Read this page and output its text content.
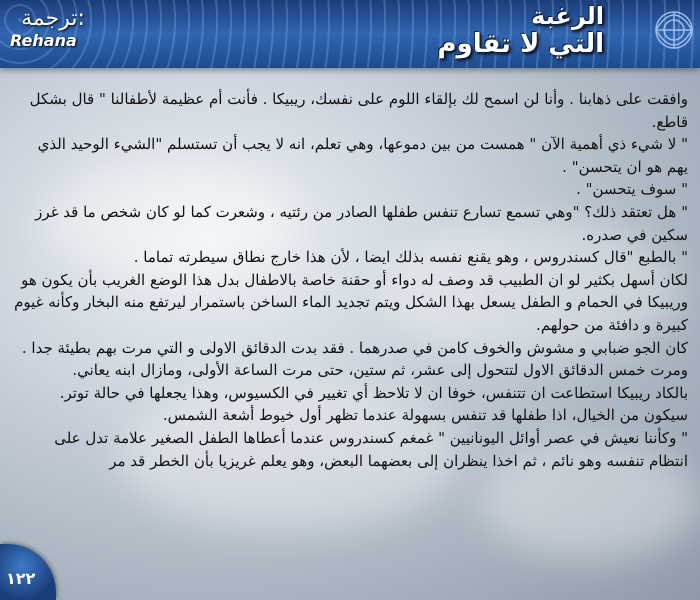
الرغبة
التي لا تقاوم
ترجمة:
Rehana

وافقت على ذهابنا . وأنا لن اسمح لك بإلقاء اللوم على نفسك، ريبيكا . فأنت أم عظيمة لأطفالنا " قال بشكل قاطع.

" لا شيء ذي أهمية الآن " همست من بين دموعها، وهي تعلم، انه لا يجب أن تستسلم "الشيء الوحيد الذي يهم هو ان يتحسن" .

" سوف يتحسن" .

" هل تعتقد ذلك؟ "وهي تسمع تسارع تنفس طفلها الصادر من رئتيه ، وشعرت كما لو كان شخص ما قد غرز سكين في صدره.

" بالطبع "قال كسندروس ، وهو يقنع نفسه بذلك ايضا ، لأن هذا خارج نطاق سيطرته تماما .

لكان أسهل بكثير لو ان الطبيب قد وصف له دواء أو حقنة خاصة بالاطفال بدل هذا الوضع الغريب بأن يكون هو وريبيكا في الحمام و الطفل يسعل بهذا الشكل ويتم تجديد الماء الساخن باستمرار ليرتفع منه البخار وكأنه غيوم كبيرة و دافئة من حولهم.

كان الجو ضبابي و مشوش والخوف كامن في صدرهما . فقد بدت الدقائق الاولى و التي مرت بهم بطيئة جدا .

ومرت خمس الدقائق الاول لتتحول إلى عشر، ثم ستين، حتى مرت الساعة الأولى، ومازال ابنه يعاني.

بالكاد ريبيكا استطاعت ان تتنفس، خوفا ان لا تلاحظ أي تغيير في الكسيوس، وهذا يجعلها في حالة توتر.

سيكون من الخيال، اذا طفلها قد تنفس بسهولة عندما تظهر أول خيوط أشعة الشمس.

" وكأننا نعيش في عصر أوائل اليونانيين " غمغم كسندروس عندما أعطاها الطفل الصغير علامة تدل على انتظام تنفسه وهو نائم ، ثم اخذا ينظران إلى بعضهما البعض، وهو يعلم غريزيا بأن الخطر قد مر

١٢٢
